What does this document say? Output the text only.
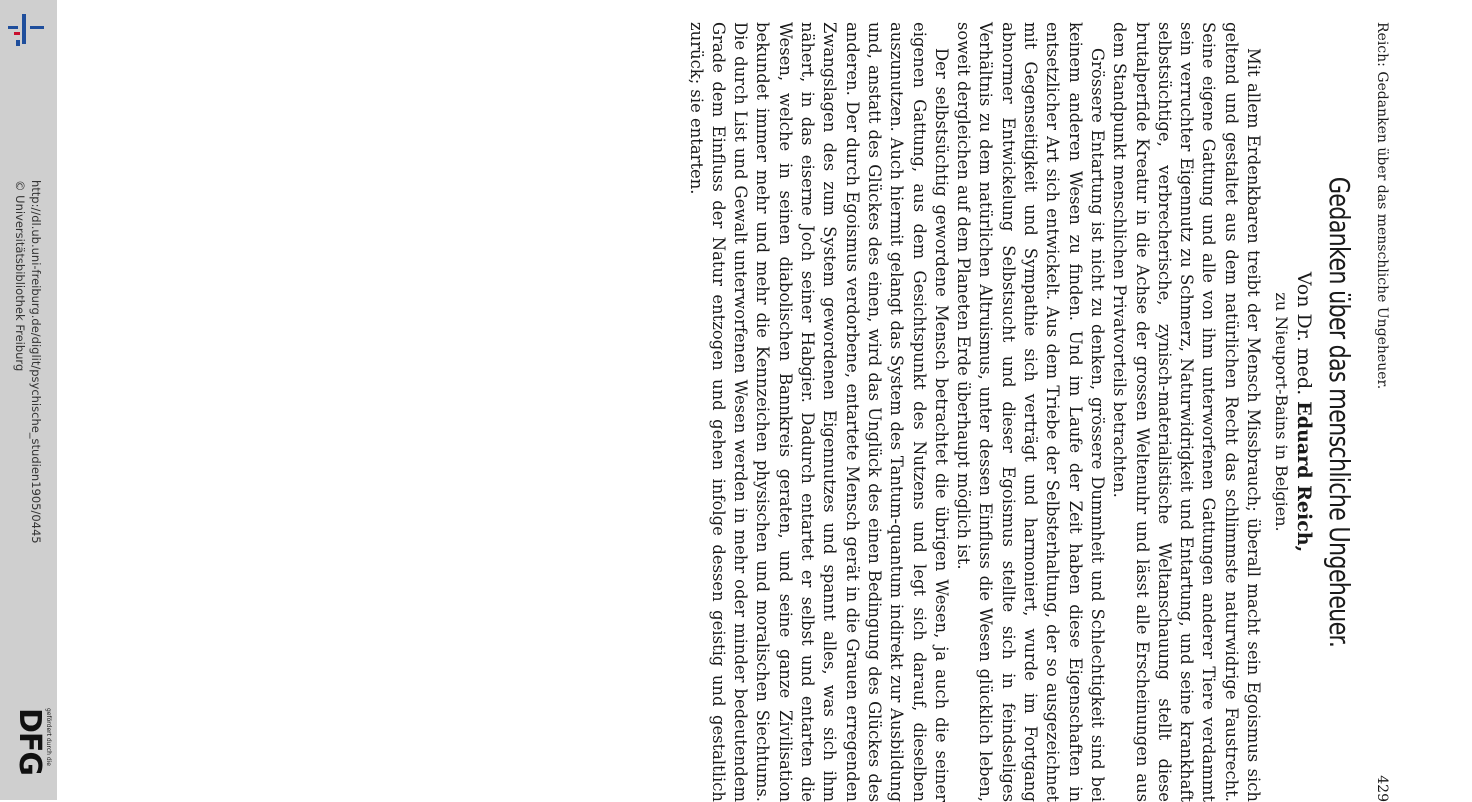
http://dl.ub.uni-freiburg.de/diglit/psychische_studien1905/0445
© Universitätsbibliothek Freiburg
gefördert durch die
DFG
Reich: Gedanken über das menschliche Ungeheuer.
429
Gedanken über das menschliche Ungeheuer.
Von Dr. med. Eduard Reich,
zu Nieuport-Bains in Belgien.

Mit allem Erdenkbaren treibt der Mensch Missbrauch; überall macht sein Egoismus sich geltend und gestaltet aus dem natürlichen Recht das schlimmste naturwidrige Faustrecht. Seine eigene Gattung und alle von ihm unterworfenen Gattungen anderer Tiere verdammt sein verruchter Eigennutz zu Schmerz, Naturwidrigkeit und Entartung, und seine krankhaft selbstsüchtige, verbrecherische, zynisch-materialistische Weltanschauung stellt diese brutalperfide Kreatur in die Achse der grossen Weltenuhr und lässt alle Erscheinungen aus dem Standpunkt menschlichen Privatvorteils betrachten.

Grössere Entartung ist nicht zu denken, grössere Dummheit und Schlechtigkeit sind bei keinem anderen Wesen zu finden. Und im Laufe der Zeit haben diese Eigenschaften in entsetzlicher Art sich entwickelt. Aus dem Triebe der Selbsterhaltung, der so ausgezeichnet mit Gegenseitigkeit und Sympathie sich verträgt und harmoniert, wurde im Fortgang abnormer Entwickelung Selbstsucht und dieser Egoismus stellte sich in feindseliges Verhältnis zu dem natürlichen Altruismus, unter dessen Einfluss die Wesen glücklich leben, soweit dergleichen auf dem Planeten Erde überhaupt möglich ist.

Der selbstsüchtig gewordene Mensch betrachtet die übrigen Wesen, ja auch die seiner eigenen Gattung, aus dem Gesichtspunkt des Nutzens und legt sich darauf, dieselben auszunutzen. Auch hiermit gelangt das System des Tantum-quantum indirekt zur Ausbildung und, anstatt des Glückes des einen, wird das Unglück des einen Bedingung des Glückes des anderen. Der durch Egoismus verdorbene, entartete Mensch gerät in die Grauen erregenden Zwangslagen des zum System gewordenen Eigennutzes und spannt alles, was sich ihm nähert, in das eiserne Joch seiner Habgier. Dadurch entartet er selbst und entarten die Wesen, welche in seinen diabolischen Bannkreis geraten, und seine ganze Zivilisation bekundet immer mehr und mehr die Kennzeichen physischen und moralischen Siechtums. Die durch List und Gewalt unterworfenen Wesen werden in mehr oder minder bedeutendem Grade dem Einfluss der Natur entzogen und gehen infolge dessen geistig und gestaltlich zurück; sie entarten.
